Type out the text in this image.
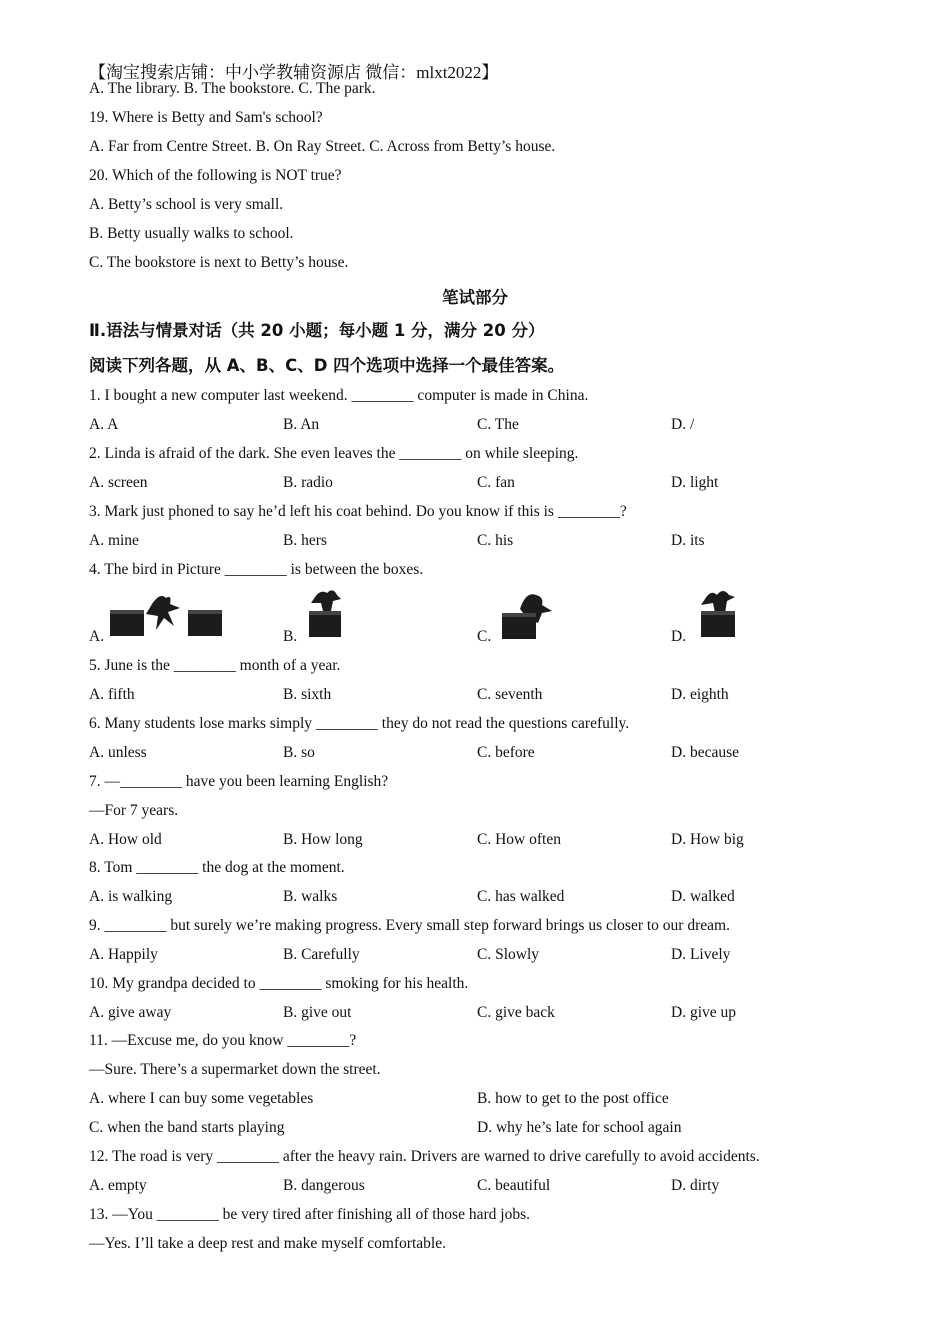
【淘宝搜索店铺：中小学教辅资源店 微信：mlxt2022】
A. The library. B. The bookstore. C. The park.
19. Where is Betty and Sam's school?
A. Far from Centre Street. B. On Ray Street. C. Across from Betty’s house.
20. Which of the following is NOT true?
A. Betty’s school is very small.
B. Betty usually walks to school.
C. The bookstore is next to Betty’s house.
笔试部分
Ⅱ.语法与情景对话（共 20 小题；每小题 1 分，满分 20 分）
阅读下列各题，从 A、B、C、D 四个选项中选择一个最佳答案。
1. I bought a new computer last weekend. ________ computer is made in China.
A. A	B. An	C. The	D. /
2. Linda is afraid of the dark. She even leaves the ________ on while sleeping.
A. screen	B. radio	C. fan	D. light
3. Mark just phoned to say he’d left his coat behind. Do you know if this is ________?
A. mine	B. hers	C. his	D. its
4. The bird in Picture ________ is between the boxes.
A.	B.	C.	D.
5. June is the ________ month of a year.
A. fifth	B. sixth	C. seventh	D. eighth
6. Many students lose marks simply ________ they do not read the questions carefully.
A. unless	B. so	C. before	D. because
7. —________ have you been learning English?
—For 7 years.
A. How old	B. How long	C. How often	D. How big
8. Tom ________ the dog at the moment.
A. is walking	B. walks	C. has walked	D. walked
9. ________ but surely we’re making progress. Every small step forward brings us closer to our dream.
A. Happily	B. Carefully	C. Slowly	D. Lively
10. My grandpa decided to ________ smoking for his health.
A. give away	B. give out	C. give back	D. give up
11. —Excuse me, do you know ________?
—Sure. There’s a supermarket down the street.
A. where I can buy some vegetables	B. how to get to the post office
C. when the band starts playing	D. why he’s late for school again
12. The road is very ________ after the heavy rain. Drivers are warned to drive carefully to avoid accidents.
A. empty	B. dangerous	C. beautiful	D. dirty
13. —You ________ be very tired after finishing all of those hard jobs.
—Yes. I’ll take a deep rest and make myself comfortable.
